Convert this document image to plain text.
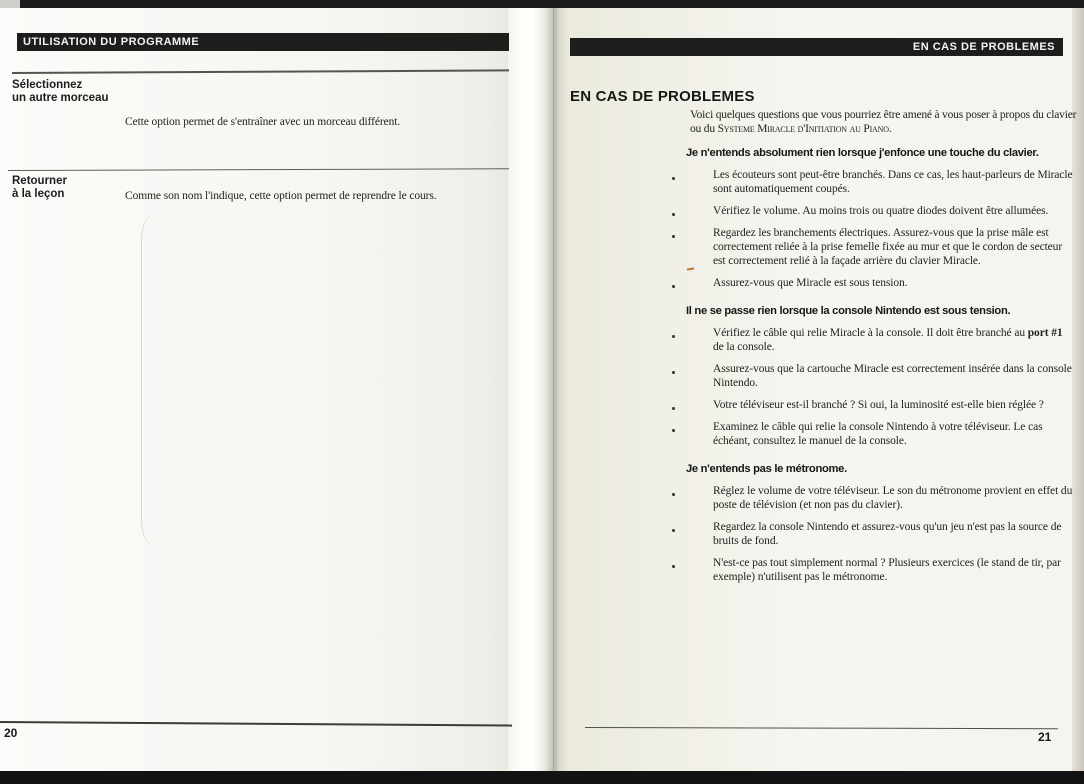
UTILISATION DU PROGRAMME
Sélectionnez
un autre morceau
Cette option permet de s'entraîner avec un morceau différent.
Retourner
à la leçon	Comme son nom l'indique, cette option permet de reprendre le cours.
20
EN CAS DE PROBLEMES
EN CAS DE PROBLEMES
Voici quelques questions que vous pourriez être amené à vous poser à propos du clavier ou du Systeme Miracle d'Initiation au Piano.
Je n'entends absolument rien lorsque j'enfonce une touche du clavier.
Les écouteurs sont peut-être branchés. Dans ce cas, les haut-parleurs de Miracle sont automatiquement coupés.
Vérifiez le volume. Au moins trois ou quatre diodes doivent être allumées.
Regardez les branchements électriques. Assurez-vous que la prise mâle est correctement reliée à la prise femelle fixée au mur et que le cordon de secteur est correctement relié à la façade arrière du clavier Miracle.
Assurez-vous que Miracle est sous tension.
Il ne se passe rien lorsque la console Nintendo est sous tension.
Vérifiez le câble qui relie Miracle à la console. Il doit être branché au port #1 de la console.
Assurez-vous que la cartouche Miracle est correctement insérée dans la console Nintendo.
Votre téléviseur est-il branché ? Si oui, la luminosité est-elle bien réglée ?
Examinez le câble qui relie la console Nintendo à votre téléviseur. Le cas échéant, consultez le manuel de la console.
Je n'entends pas le métronome.
Réglez le volume de votre téléviseur. Le son du métronome provient en effet du poste de télévision (et non pas du clavier).
Regardez la console Nintendo et assurez-vous qu'un jeu n'est pas la source de bruits de fond.
N'est-ce pas tout simplement normal ? Plusieurs exercices (le stand de tir, par exemple) n'utilisent pas le métronome.
21
